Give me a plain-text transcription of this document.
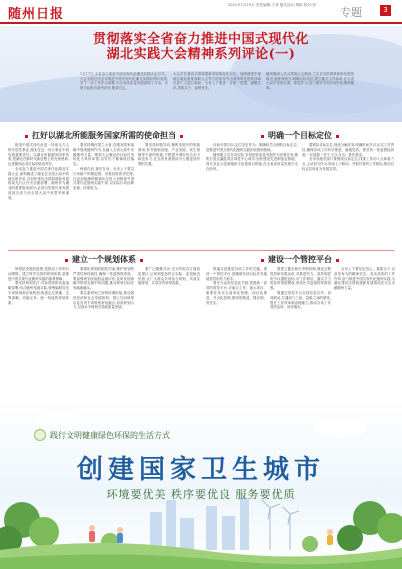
随州日报
2021年1月19日 责任编辑:王菲 版式设计:胡盼 校对:刘
专题	3
贯彻落实全省奋力推进中国式现代化
湖北实践大会精神系列评论(一)
1月17日,全省奋力推进中国式现代化湖北实践大会召开。大会全面总结全省推进中国式现代化湖北实践取得的成绩,对下一步工作作出部署,为全省高质量发展指明了方向。本报今起推出系列评论,敬请关注。
大会对在建设全国构建新发展格局先行区、加快建成中部地区崛起重要战略支点等方面取得突出成绩的先进集体和先进个人进行表彰。全省上下要进一步统一思想、凝聚共识,真抓实干、奋勇争先。
随州要深入学习贯彻大会精神,立足自身资源禀赋和发展基础,扛起使命担当,明确目标定位,建立健全工作体系,在全省大局中找准位置、彰显作为,奋力谱写中国式现代化随州篇章。
扛好以湖北所能服务国家所需的使命担当

推进中国式现代化是一项前无古人的开创性事业,湖北在这一伟大事业中肩负着重要责任。以湖北所能服务国家所需,是湖北在新时代新征程上的光荣使命,也是随州必须扛起的政治责任。

全省奋力推进中国式现代化湖北实践大会,深刻阐述了湖北在全国大局中的地位和作用,对加快建设全国构建新发展格局先行区作出全面部署。随州作为湖北的重要组成部分,必须自觉把自身发展放到全省乃至全国大局中来思考和谋划。

要坚持胸怀国之大者,在服务国家战略中展现随州作为,在融入全省大局中贡献随州力量。要把大会确定的目标任务转化为具体举措,以钉钉子精神抓好落实。

使命在肩,重任在身。全市上下要以只争朝夕的紧迫感、舍我其谁的责任感,以更加饱满的精神状态投入到推进中国式现代化随州实践中来,以实际行动诠释忠诚、体现担当。

要坚持问题导向,聚焦发展中的短板弱项,补齐基础设施、产业发展、民生保障等方面的短板,不断提升城市综合实力和竞争力,在全省发展格局中占据更加有利的位置。

明确一个目标定位

目标引领方向,定位决定作为。明确科学合理的目标定位,是推进中国式现代化随州实践的前提和基础。

随州要立足自身实际,坚持把高质量发展作为首要任务,聚焦打造汉襄肱骨区域性中心城市,加快建设先进制造业基地、现代农业示范基地和文化旅游目的地,在全省高质量发展中走在前列。

要紧扣目标定位,细化分解任务,明确时间节点,压实工作责任,确保各项工作有序推进、落地见效。要坚持一张蓝图绘到底,一任接着一任干,久久为功、善作善成。

全市各级各部门要围绕目标定位,找准工作切入点和着力点,主动担当作为,形成上下联动、齐抓共管的工作格局,推动目标定位转化为发展实绩。

建立一个规划体系

规划是发展的蓝图,是推动工作的行动纲领。建立科学完善的规划体系,是推进中国式现代化随州实践的重要保障。

要坚持规划先行,对标国家和省委战略部署,结合随州发展实际,统筹编制各类专项规划和区域规划,构建定位准确、边界清晰、功能互补、统一衔接的规划体系。

要强化规划的刚性约束,维护规划的严肃性和权威性,确保一张蓝图管到底。要加强规划实施的监测评估,及时发现和解决规划实施中的问题,推动规划目标任务落地落实。

要注重规划之间的协调衔接,推动国民经济和社会发展规划、国土空间规划以及各类专项规划有机融合,形成规划合力,以高水平规划引领高质量发展。

要广泛凝聚共识,充分听取各方面意见建议,让规划更加符合实际、更加贴近民意,让广大群众共同参与规划、共同实施规划、共同享有规划成果。

建设一个管控平台

抓落实是推进各项工作的关键。建设一个管控平台,是确保各项目标任务落地见效的有力抓手。

要充分运用信息化手段,搭建统一高效的管控平台,对重点工作、重大项目、重要任务实行清单化管理、项目化推进、节点化控制,做到底数清、情况明、责任实。

要建立健全督办考核机制,强化过程管控和结果运用,对推进有力、成效明显的予以通报表扬,对工作滞后、落实不力的及时督促整改,形成比学赶超的浓厚氛围。

要通过管控平台实现信息共享、协同联动,打通部门之间、层级之间的壁垒,提升工作效率和治理能力,推动各项工作高效运转、闭环落实。

全市上下要坚定信心、真抓实干,以奋发有为的精神状态、务实高效的工作作风,奋力推进中国式现代化随州实践,为湖北建设全国构建新发展格局先行区贡献随州力量。

践行文明健康绿色环保的生活方式
创建国家卫生城市
环境要优美 秩序要优良 服务要优质
